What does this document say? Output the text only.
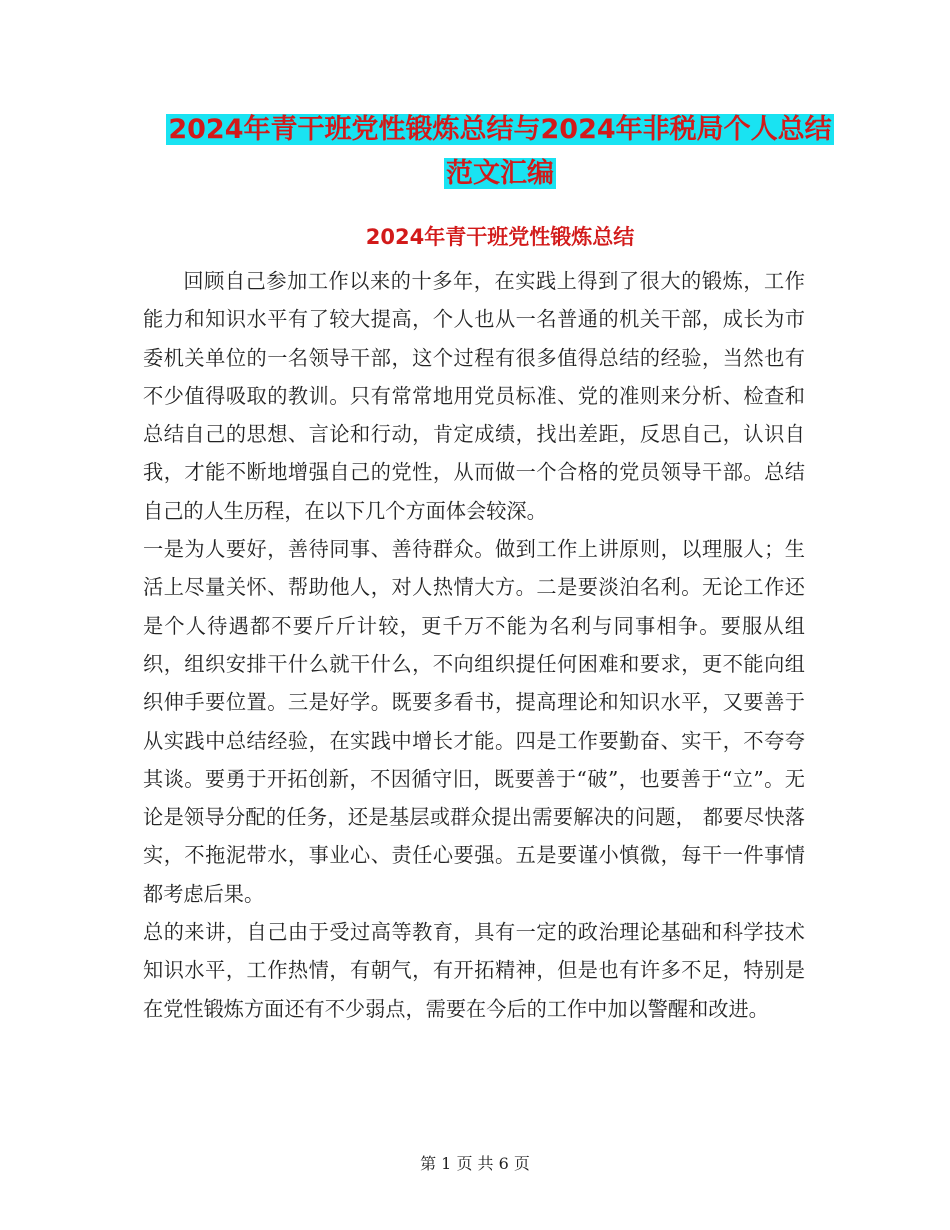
2024年青干班党性锻炼总结与2024年非税局个人总结
范文汇编
2024年青干班党性锻炼总结

回顾自己参加工作以来的十多年，在实践上得到了很大的锻炼，工作能力和知识水平有了较大提高，个人也从一名普通的机关干部，成长为市委机关单位的一名领导干部，这个过程有很多值得总结的经验，当然也有不少值得吸取的教训。只有常常地用党员标准、党的准则来分析、检查和总结自己的思想、言论和行动，肯定成绩，找出差距，反思自己，认识自我，才能不断地增强自己的党性，从而做一个合格的党员领导干部。总结自己的人生历程，在以下几个方面体会较深。

一是为人要好，善待同事、善待群众。做到工作上讲原则，以理服人；生活上尽量关怀、帮助他人，对人热情大方。二是要淡泊名利。无论工作还是个人待遇都不要斤斤计较，更千万不能为名利与同事相争。要服从组织，组织安排干什么就干什么，不向组织提任何困难和要求，更不能向组织伸手要位置。三是好学。既要多看书，提高理论和知识水平，又要善于从实践中总结经验，在实践中增长才能。四是工作要勤奋、实干，不夸夸其谈。要勇于开拓创新，不因循守旧，既要善于“破”，也要善于“立”。无论是领导分配的任务，还是基层或群众提出需要解决的问题， 都要尽快落实，不拖泥带水，事业心、责任心要强。五是要谨小慎微，每干一件事情都考虑后果。

总的来讲，自己由于受过高等教育，具有一定的政治理论基础和科学技术知识水平，工作热情，有朝气，有开拓精神，但是也有许多不足，特别是在党性锻炼方面还有不少弱点，需要在今后的工作中加以警醒和改进。

第 1 页 共 6 页
